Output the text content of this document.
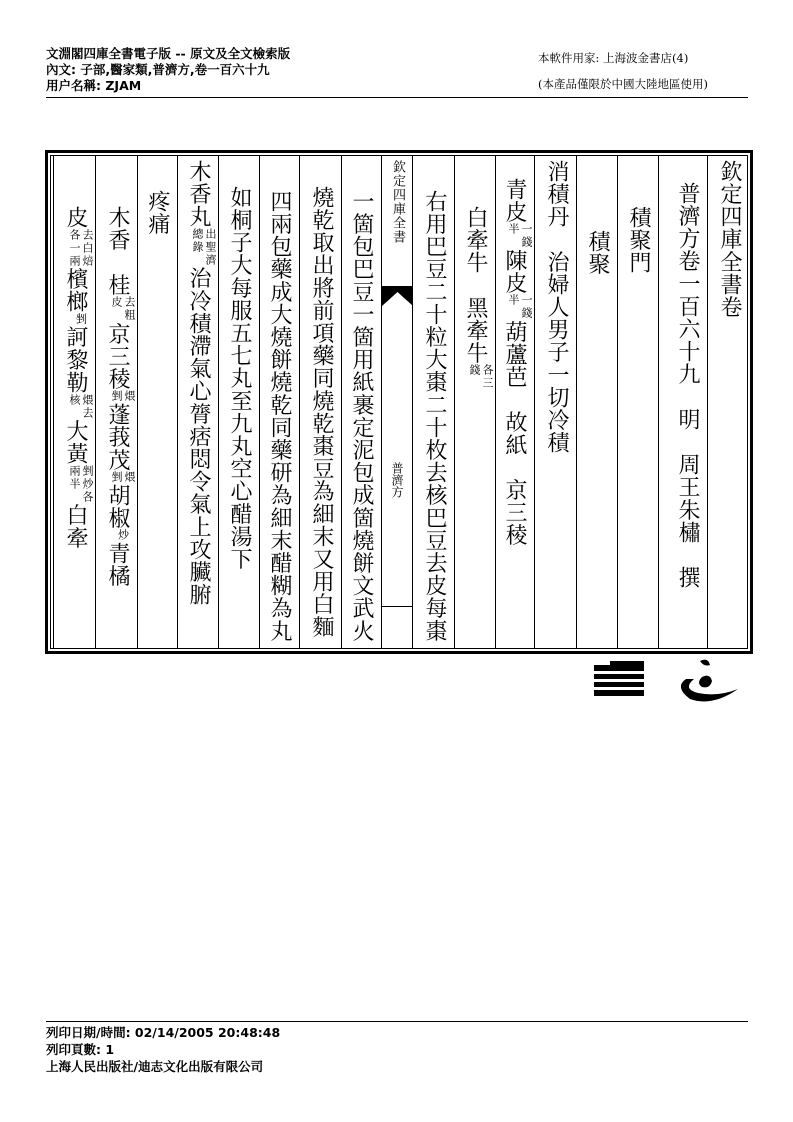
文淵閣四庫全書電子版 -- 原文及全文檢索版
內文: 子部,醫家類,普濟方,卷一百六十九
用户名稱: ZJAM
本軟件用家: 上海波金書店(4)
(本產品僅限於中國大陸地區使用)
欽定四庫全書
普濟方
欽定四庫全書卷
普濟方卷一百六十九　明　周王朱橚　撰
積聚門
積聚
消積丹　治婦人男子一切冷積
青皮一錢半陳皮一錢半葫蘆芭　故紙　京三稜
白牽牛　黑牽牛各三錢
右用巴豆二十粒大棗二十枚去核巴豆去皮每棗
一箇包巴豆一箇用紙裹定泥包成箇燒餅文武火
燒乾取出將前項藥同燒乾棗豆為細末又用白麵
四兩包藥成大燒餅燒乾同藥研為細末醋糊為丸
如桐子大每服五七丸至九丸空心醋湯下
木香丸出聖濟總錄治冷積滯氣心膂痞悶令氣上攻臟腑
疼痛
木香　桂去粗皮京三稜煨剉蓬莪茂煨剉胡椒炒青橘
皮去白焙各一兩檳榔剉訶黎勒煨去核大黃剉炒各兩半白牽
列印日期/時間: 02/14/2005 20:48:48
列印頁數: 1
上海人民出版社/迪志文化出版有限公司
